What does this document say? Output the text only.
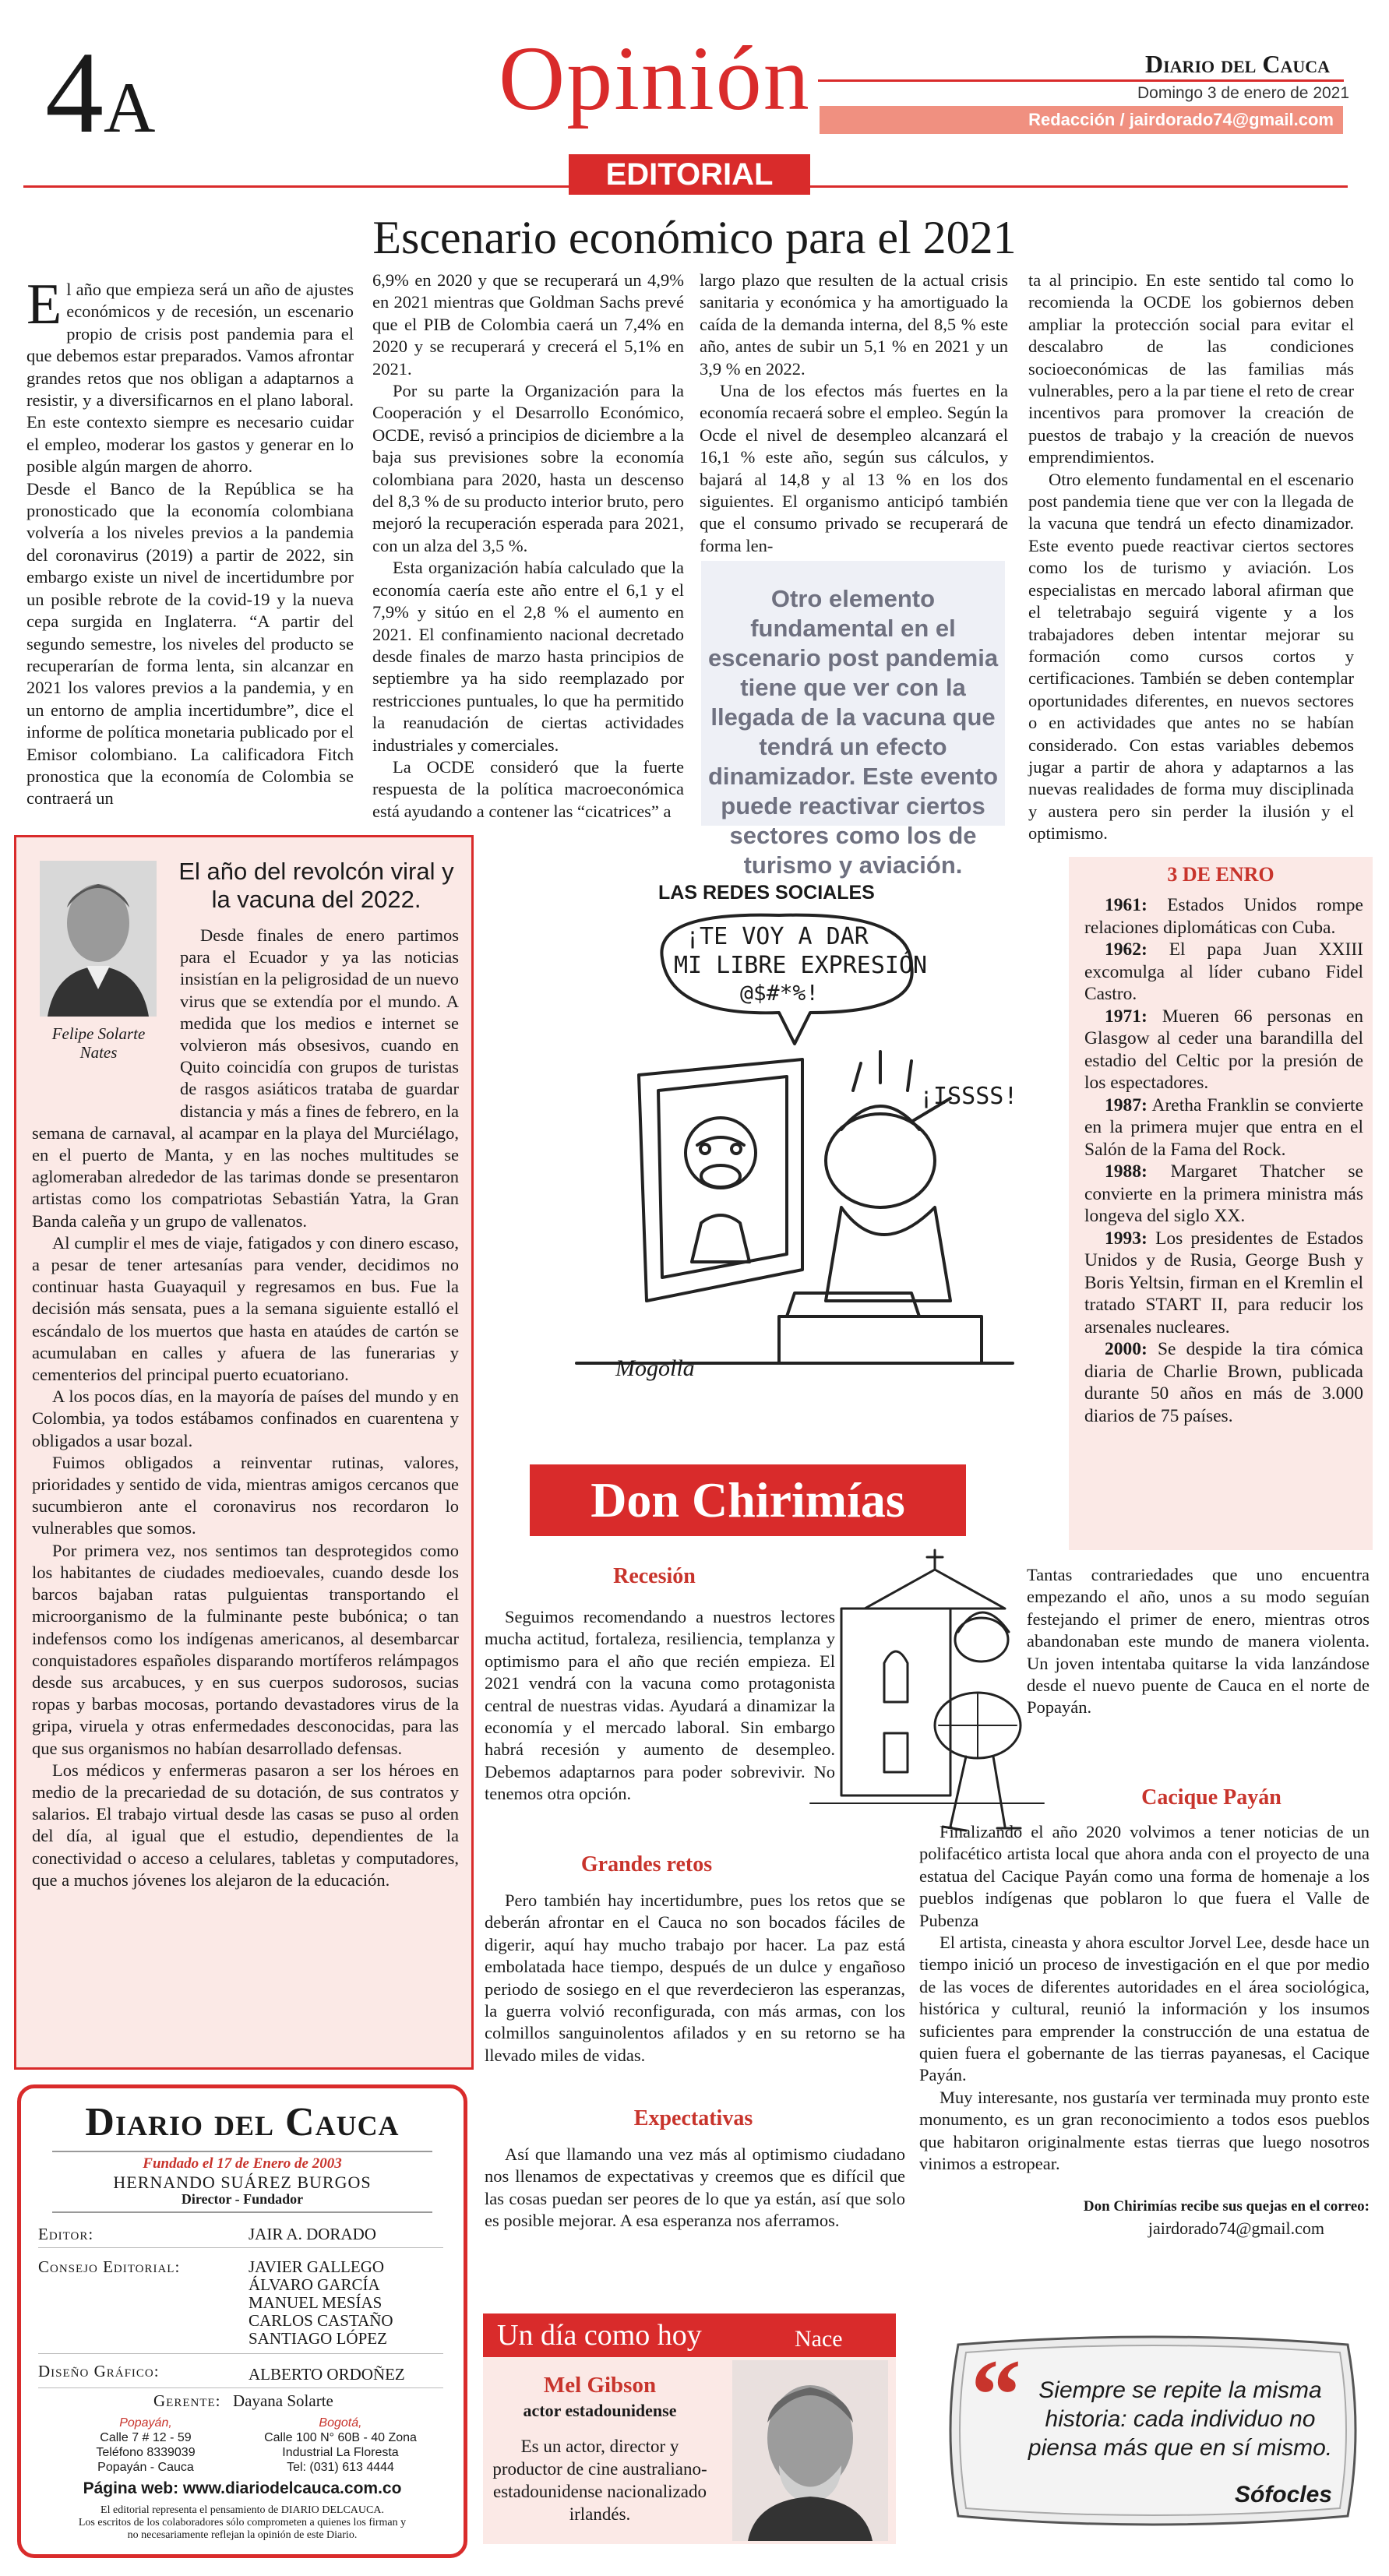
4A	Opinión	Diario del Cauca
Domingo 3 de enero de 2021
Redacción / jairdorado74@gmail.com
EDITORIAL
Escenario económico para el 2021

El año que empieza será un año de ajustes económicos y de recesión, un escenario propio de crisis post pandemia para el que debemos estar preparados. Vamos afrontar grandes retos que nos obligan a adaptarnos a resistir, y a diversificarnos en el plano laboral. En este contexto siempre es necesario cuidar el empleo, moderar los gastos y generar en lo posible algún margen de ahorro.

Desde el Banco de la República se ha pronosticado que la economía colombiana volvería a los niveles previos a la pandemia del coronavirus (2019) a partir de 2022, sin embargo existe un nivel de incertidumbre por un posible rebrote de la covid-19 y la nueva cepa surgida en Inglaterra. “A partir del segundo semestre, los niveles del producto se recuperarían de forma lenta, sin alcanzar en 2021 los valores previos a la pandemia, y en un entorno de amplia incertidumbre”, dice el informe de política monetaria publicado por el Emisor colombiano. La calificadora Fitch pronostica que la economía de Colombia se contraerá un

6,9% en 2020 y que se recuperará un 4,9% en 2021 mientras que Goldman Sachs prevé que el PIB de Colombia caerá un 7,4% en 2020 y se recuperará y crecerá el 5,1% en 2021.

Por su parte la Organización para la Cooperación y el Desarrollo Económico, OCDE, revisó a principios de diciembre a la baja sus previsiones sobre la economía colombiana para 2020, hasta un descenso del 8,3 % de su producto interior bruto, pero mejoró la recuperación esperada para 2021, con un alza del 3,5 %.

Esta organización había calculado que la economía caería este año entre el 6,1 y el 7,9% y sitúo en el 2,8 % el aumento en 2021. El confinamiento nacional decretado desde finales de marzo hasta principios de septiembre ya ha sido reemplazado por restricciones puntuales, lo que ha permitido la reanudación de ciertas actividades industriales y comerciales.

La OCDE consideró que la fuerte respuesta de la política macroeconómica está ayudando a contener las “cicatrices” a

largo plazo que resulten de la actual crisis sanitaria y económica y ha amortiguado la caída de la demanda interna, del 8,5 % este año, antes de subir un 5,1 % en 2021 y un 3,9 % en 2022.

Una de los efectos más fuertes en la economía recaerá sobre el empleo. Según la Ocde el nivel de desempleo alcanzará el 16,1 % este año, según sus cálculos, y bajará al 14,8 y al 13 % en los dos siguientes. El organismo anticipó también que el consumo privado se recuperará de forma len-

Otro elemento fundamental en el escenario post pandemia tiene que ver con la llegada de la vacuna que tendrá un efecto dinamizador. Este evento puede reactivar ciertos sectores como los de turismo y aviación.

ta al principio. En este sentido tal como lo recomienda la OCDE los gobiernos deben ampliar la protección social para evitar el descalabro de las condiciones socioeconómicas de las familias más vulnerables, pero a la par tiene el reto de crear incentivos para promover la creación de puestos de trabajo y la creación de nuevos emprendimientos.

Otro elemento fundamental en el escenario post pandemia tiene que ver con la llegada de la vacuna que tendrá un efecto dinamizador. Este evento puede reactivar ciertos sectores como los de turismo y aviación. Los especialistas en mercado laboral afirman que el teletrabajo seguirá vigente y a los trabajadores deben intentar mejorar su formación como cursos cortos y certificaciones. También se deben contemplar oportunidades diferentes, en nuevos sectores o en actividades que antes no se habían considerado. Con estas variables debemos jugar a partir de ahora y adaptarnos a las nuevas realidades de forma muy disciplinada y austera pero sin perder la ilusión y el optimismo.

Felipe Solarte
Nates
El año del revolcón viral y la vacuna del 2022.

Desde finales de enero partimos para el Ecuador y ya las noticias insistían en la peligrosidad de un nuevo virus que se extendía por el mundo. A medida que los medios e internet se volvieron más obsesivos, cuando en Quito coincidía con grupos de turistas de rasgos asiáticos trataba de guardar distancia y más a fines de febrero, en la semana de carnaval, al acampar en la playa del Murciélago, en el puerto de Manta, y en las noches multitudes se aglomeraban alrededor de las tarimas donde se presentaron artistas como los compatriotas Sebastián Yatra, la Gran Banda caleña y un grupo de vallenatos.

Al cumplir el mes de viaje, fatigados y con dinero escaso, a pesar de tener artesanías para vender, decidimos no continuar hasta Guayaquil y regresamos en bus. Fue la decisión más sensata, pues a la semana siguiente estalló el escándalo de los muertos que hasta en ataúdes de cartón se acumulaban en calles y afuera de las funerarias y cementerios del principal puerto ecuatoriano.

A los pocos días, en la mayoría de países del mundo y en Colombia, ya todos estábamos confinados en cuarentena y obligados a usar bozal.

Fuimos obligados a reinventar rutinas, valores, prioridades y sentido de vida, mientras amigos cercanos que sucumbieron ante el coronavirus nos recordaron lo vulnerables que somos.

Por primera vez, nos sentimos tan desprotegidos como los habitantes de ciudades medioevales, cuando desde los barcos bajaban ratas pulguientas transportando el microorganismo de la fulminante peste bubónica; o tan indefensos como los indígenas americanos, al desembarcar conquistadores españoles disparando mortíferos relámpagos desde sus arcabuces, y en sus cuerpos sudorosos, sucias ropas y barbas mocosas, portando devastadores virus de la gripa, viruela y otras enfermedades desconocidas, para las que sus organismos no habían desarrollado defensas.

Los médicos y enfermeras pasaron a ser los héroes en medio de la precariedad de su dotación, de sus contratos y salarios. El trabajo virtual desde las casas se puso al orden del día, al igual que el estudio, dependientes de la conectividad o acceso a celulares, tabletas y computadores, que a muchos jóvenes los alejaron de la educación.

LAS REDES SOCIALES
¡TE VOY A DAR
MI LIBRE EXPRESIÓN
@$#*%!
¡ISSSS!
Mogolla
3 DE ENRO

1961: Estados Unidos rompe relaciones diplomáticas con Cuba.

1962: El papa Juan XXIII excomulga al líder cubano Fidel Castro.

1971: Mueren 66 personas en Glasgow al ceder una barandilla del estadio del Celtic por la presión de los espectadores.

1987: Aretha Franklin se convierte en la primera mujer que entra en el Salón de la Fama del Rock.

1988: Margaret Thatcher se convierte en la primera ministra más longeva del siglo XX.

1993: Los presidentes de Estados Unidos y de Rusia, George Bush y Boris Yeltsin, firman en el Kremlin el tratado START II, para reducir los arsenales nucleares.

2000: Se despide la tira cómica diaria de Charlie Brown, publicada durante 50 años en más de 3.000 diarios de 75 países.

Don Chirimías
Recesión

Seguimos recomendando a nuestros lectores mucha actitud, fortaleza, resiliencia, templanza y optimismo para el año que recién empieza. El 2021 vendrá con la vacuna como protagonista central de nuestras vidas. Ayudará a dinamizar la economía y el mercado laboral. Sin embargo habrá recesión y aumento de desempleo. Debemos adaptarnos para poder sobrevivir. No tenemos otra opción.

Tantas contrariedades que uno encuentra empezando el año, unos a su modo seguían festejando el primer de enero, mientras otros abandonaban este mundo de manera violenta. Un joven intentaba quitarse la vida lanzándose desde el nuevo puente de Cauca en el norte de Popayán.

Cacique Payán

Finalizando el año 2020 volvimos a tener noticias de un polifacético artista local que ahora anda con el proyecto de una estatua del Cacique Payán como una forma de homenaje a los pueblos indígenas que poblaron lo que fuera el Valle de Pubenza

El artista, cineasta y ahora escultor Jorvel Lee, desde hace un tiempo inició un proceso de investigación en el que por medio de las voces de diferentes autoridades en el área sociológica, histórica y cultural, reunió la información y los insumos suficientes para emprender la construcción de una estatua de quien fuera el gobernante de las tierras payanesas, el Cacique Payán.

Muy interesante, nos gustaría ver terminada muy pronto este monumento, es un gran reconocimiento a todos esos pueblos que habitaron originalmente estas tierras que luego nosotros vinimos a estropear.

Don Chirimías recibe sus quejas en el correo:
jairdorado74@gmail.com
Grandes retos

Pero también hay incertidumbre, pues los retos que se deberán afrontar en el Cauca no son bocados fáciles de digerir, aquí hay mucho trabajo por hacer. La paz está embolatada hace tiempo, después de un dulce y engañoso periodo de sosiego en el que reverdecieron las esperanzas, la guerra volvió reconfigurada, con más armas, con los colmillos sanguinolentos afilados y en su retorno se ha llevado miles de vidas.

Expectativas

Así que llamando una vez más al optimismo ciudadano nos llenamos de expectativas y creemos que es difícil que las cosas puedan ser peores de lo que ya están, así que solo es posible mejorar. A esa esperanza nos aferramos.

Diario del Cauca
Fundado el 17 de Enero de 2003
HERNANDO SUÁREZ BURGOS
Director - Fundador
Editor:	JAIR A. DORADO
Consejo Editorial:	JAVIER GALLEGO
ÁLVARO GARCÍA
MANUEL MESÍAS
CARLOS CASTAÑO
SANTIAGO LÓPEZ
Diseño Gráfico:	ALBERTO ORDOÑEZ
Gerente: Dayana Solarte
Popayán,
Calle 7 # 12 - 59
Teléfono 8339039
Popayán - Cauca
Bogotá,
Calle 100 N° 60B - 40 Zona
Industrial La Floresta
Tel: (031) 613 4444
Página web: www.diariodelcauca.com.co
El editorial representa el pensamiento de DIARIO DELCAUCA.
Los escritos de los colaboradores sólo comprometen a quienes los firman y
no necesariamente reflejan la opinión de este Diario.
Un día como hoy	Nace
Mel Gibson
actor estadounidense
Es un actor, director y productor de cine australiano-estadounidense nacionalizado irlandés.
“ Siempre se repite la misma historia: cada individuo no piensa más que en sí mismo.
Sófocles
